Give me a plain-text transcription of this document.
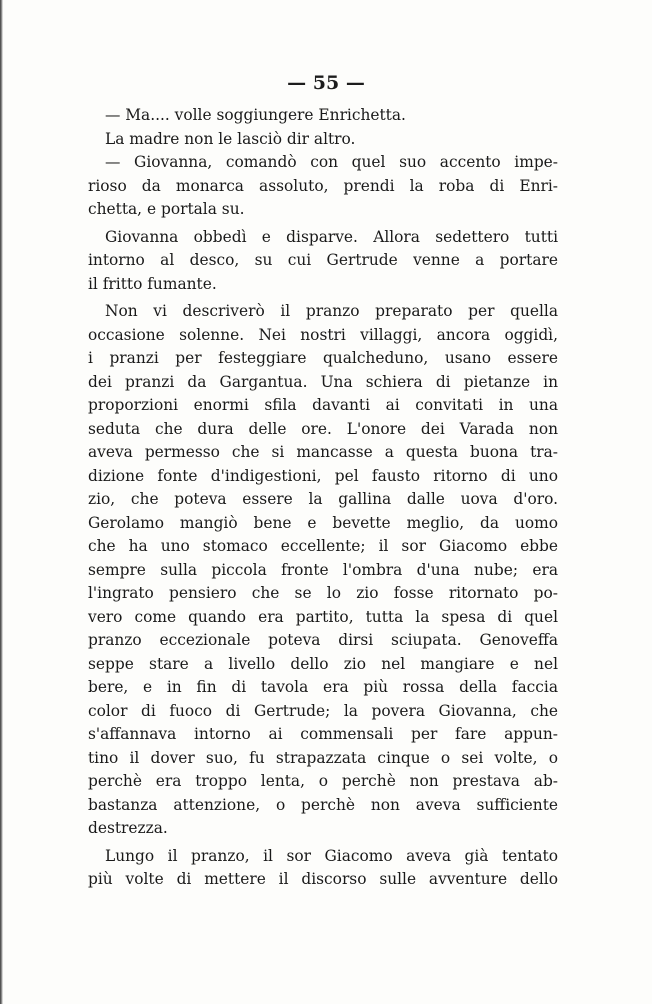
— 55 —
— Ma.... volle soggiungere Enrichetta.
La madre non le lasciò dir altro.
— Giovanna, comandò con quel suo accento impe-
rioso da monarca assoluto, prendi la roba di Enri-
chetta, e portala su.
Giovanna obbedì e disparve. Allora sedettero tutti
intorno al desco, su cui Gertrude venne a portare
il fritto fumante.
Non vi descriverò il pranzo preparato per quella
occasione solenne. Nei nostri villaggi, ancora oggidì,
i pranzi per festeggiare qualcheduno, usano essere
dei pranzi da Gargantua. Una schiera di pietanze in
proporzioni enormi sfila davanti ai convitati in una
seduta che dura delle ore. L'onore dei Varada non
aveva permesso che si mancasse a questa buona tra-
dizione fonte d'indigestioni, pel fausto ritorno di uno
zio, che poteva essere la gallina dalle uova d'oro.
Gerolamo mangiò bene e bevette meglio, da uomo
che ha uno stomaco eccellente; il sor Giacomo ebbe
sempre sulla piccola fronte l'ombra d'una nube; era
l'ingrato pensiero che se lo zio fosse ritornato po-
vero come quando era partito, tutta la spesa di quel
pranzo eccezionale poteva dirsi sciupata. Genoveffa
seppe stare a livello dello zio nel mangiare e nel
bere, e in fin di tavola era più rossa della faccia
color di fuoco di Gertrude; la povera Giovanna, che
s'affannava intorno ai commensali per fare appun-
tino il dover suo, fu strapazzata cinque o sei volte, o
perchè era troppo lenta, o perchè non prestava ab-
bastanza attenzione, o perchè non aveva sufficiente
destrezza.
Lungo il pranzo, il sor Giacomo aveva già tentato
più volte di mettere il discorso sulle avventure dello
